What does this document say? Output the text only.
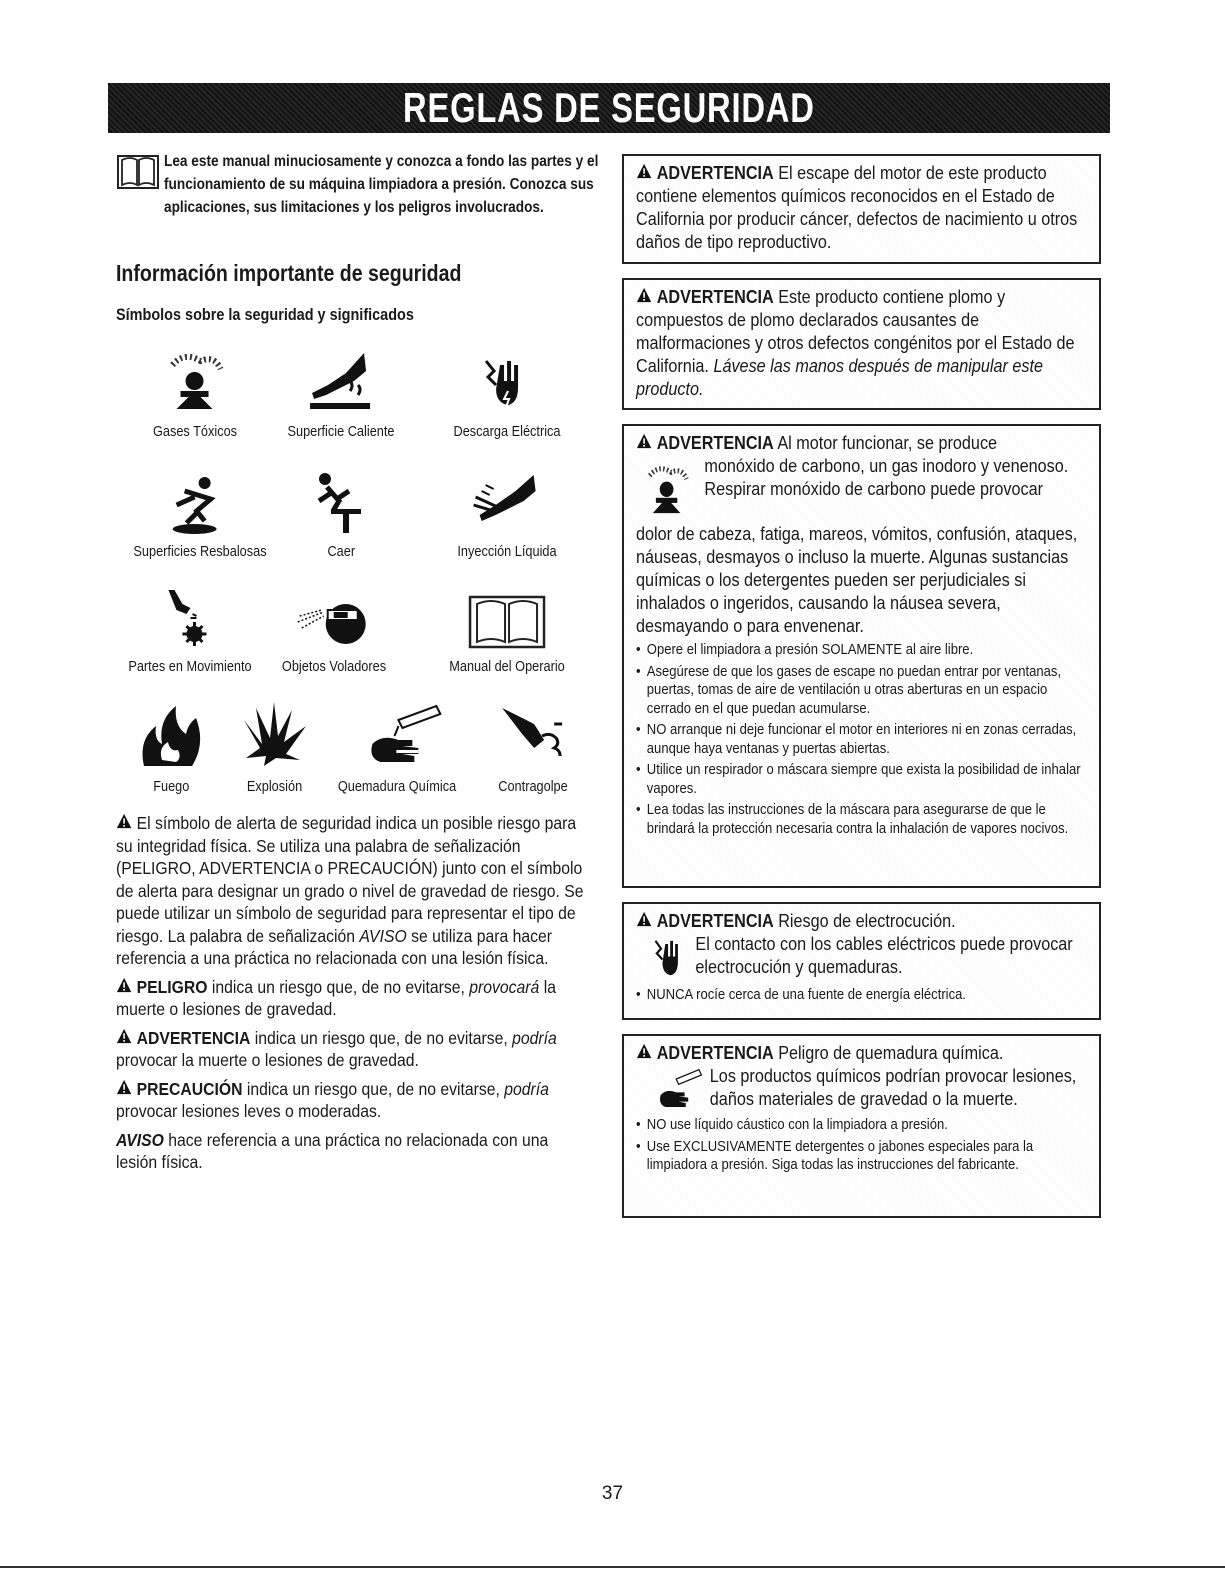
REGLAS DE SEGURIDAD

Lea este manual minuciosamente y conozca a fondo las partes y el funcionamiento de su máquina limpiadora a presión. Conozca sus aplicaciones, sus limitaciones y los peligros involucrados.

Información importante de seguridad
Símbolos sobre la seguridad y significados
Gases Tóxicos	Superficie Caliente	Descarga Eléctrica
Superficies Resbalosas	Caer	Inyección Líquida
Partes en Movimiento	Objetos Voladores	Manual del Operario
Fuego	Explosión	Quemadura Química	Contragolpe

El símbolo de alerta de seguridad indica un posible riesgo para su integridad física. Se utiliza una palabra de señalización (PELIGRO, ADVERTENCIA o PRECAUCIÓN) junto con el símbolo de alerta para designar un grado o nivel de gravedad de riesgo. Se puede utilizar un símbolo de seguridad para representar el tipo de riesgo. La palabra de señalización AVISO se utiliza para hacer referencia a una práctica no relacionada con una lesión física.

PELIGRO indica un riesgo que, de no evitarse, provocará la muerte o lesiones de gravedad.

ADVERTENCIA indica un riesgo que, de no evitarse, podría provocar la muerte o lesiones de gravedad.

PRECAUCIÓN indica un riesgo que, de no evitarse, podría provocar lesiones leves o moderadas.

AVISO hace referencia a una práctica no relacionada con una lesión física.

ADVERTENCIA El escape del motor de este producto contiene elementos químicos reconocidos en el Estado de California por producir cáncer, defectos de nacimiento u otros daños de tipo reproductivo.

ADVERTENCIA Este producto contiene plomo y compuestos de plomo declarados causantes de malformaciones y otros defectos congénitos por el Estado de California. Lávese las manos después de manipular este producto.

ADVERTENCIA Al motor funcionar, se produce

monóxido de carbono, un gas inodoro y venenoso.

Respirar monóxido de carbono puede provocar

dolor de cabeza, fatiga, mareos, vómitos, confusión, ataques, náuseas, desmayos o incluso la muerte. Algunas sustancias químicas o los detergentes pueden ser perjudiciales si inhalados o ingeridos, causando la náusea severa, desmayando o para envenenar.

• Opere el limpiadora a presión SOLAMENTE al aire libre.
• Asegúrese de que los gases de escape no puedan entrar por ventanas, puertas, tomas de aire de ventilación u otras aberturas en un espacio cerrado en el que puedan acumularse.
• NO arranque ni deje funcionar el motor en interiores ni en zonas cerradas, aunque haya ventanas y puertas abiertas.
• Utilice un respirador o máscara siempre que exista la posibilidad de inhalar vapores.
• Lea todas las instrucciones de la máscara para asegurarse de que le brindará la protección necesaria contra la inhalación de vapores nocivos.

ADVERTENCIA Riesgo de electrocución.

El contacto con los cables eléctricos puede provocar electrocución y quemaduras.

• NUNCA rocíe cerca de una fuente de energía eléctrica.

ADVERTENCIA Peligro de quemadura química.

Los productos químicos podrían provocar lesiones, daños materiales de gravedad o la muerte.

• NO use líquido cáustico con la limpiadora a presión.
• Use EXCLUSIVAMENTE detergentes o jabones especiales para la limpiadora a presión. Siga todas las instrucciones del fabricante.
37
